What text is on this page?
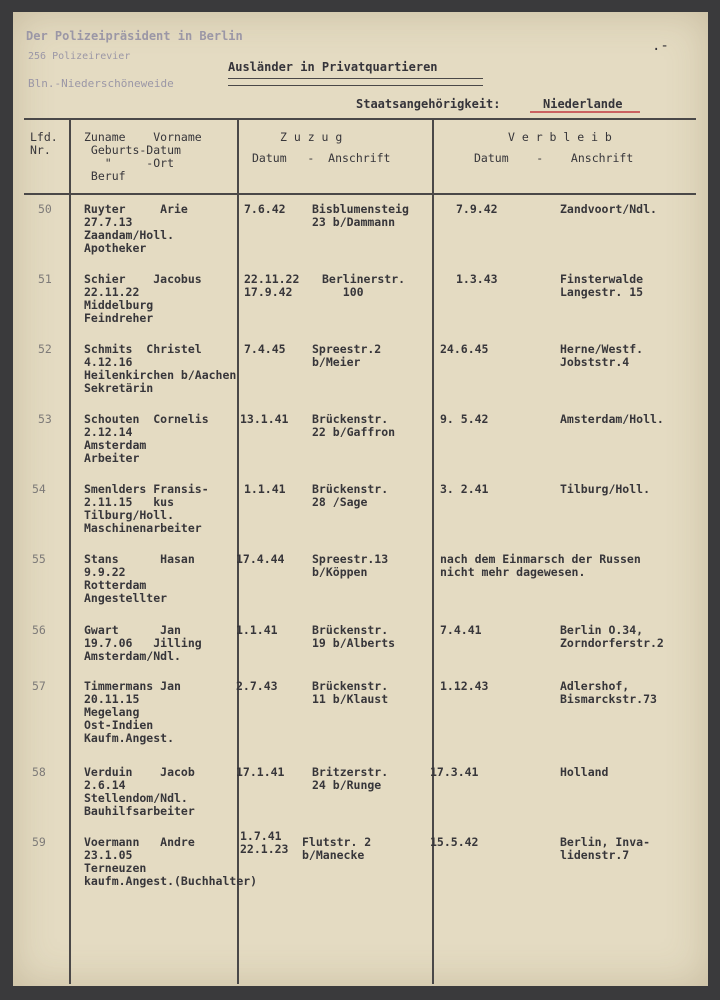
Der Polizeipräsident in Berlin
256 Polizeirevier
Bln.-Niederschöneweide
.-
Ausländer in Privatquartieren
Staatsangehörigkeit:	Niederlande
Lfd.
Nr.
Zuname    Vorname
Geburts-Datum
"     -Ort
Beruf
Z u z u g
Datum   -  Anschrift
V e r b l e i b
Datum    -    Anschrift
50	Ruyter     Arie
27.7.13
Zaandam/Holl.
Apotheker
7.6.42 Bisblumensteig
23 b/Dammann
7.9.42	Zandvoort/Ndl.
51	Schier    Jacobus
22.11.22
Middelburg
Feindreher
22.11.22
17.9.42
Berlinerstr.
100
1.3.43	Finsterwalde
Langestr. 15
52	Schmits  Christel
4.12.16
Heilenkirchen b/Aachen
Sekretärin
7.4.45 Spreestr.2
b/Meier
24.6.45	Herne/Westf.
Jobststr.4
53	Schouten  Cornelis
2.12.14
Amsterdam
Arbeiter
13.1.41 Brückenstr.
22 b/Gaffron
9. 5.42	Amsterdam/Holl.
54	Smenlders Fransis-
2.11.15   kus
Tilburg/Holl.
Maschinenarbeiter
1.1.41 Brückenstr.
28 /Sage
3. 2.41	Tilburg/Holl.
55	Stans      Hasan
9.9.22
Rotterdam
Angestellter
17.4.44 Spreestr.13
b/Köppen
nach dem Einmarsch der Russen
nicht mehr dagewesen.
56	Gwart      Jan
19.7.06   Jilling
Amsterdam/Ndl.
1.1.41	Brückenstr.
19 b/Alberts
7.4.41	Berlin O.34,
Zorndorferstr.2
57	Timmermans Jan
20.11.15
Megelang
Ost-Indien
Kaufm.Angest.
2.7.43	Brückenstr.
11 b/Klaust
1.12.43	Adlershof,
Bismarckstr.73
58	Verduin    Jacob
2.6.14
Stellendom/Ndl.
Bauhilfsarbeiter
17.1.41 Britzerstr.
24 b/Runge
17.3.41	Holland
59	Voermann   Andre
23.1.05
Terneuzen
kaufm.Angest.(Buchhalter)
1.7.41
22.1.23 Flutstr. 2
b/Manecke
15.5.42	Berlin, Inva-
lidenstr.7
